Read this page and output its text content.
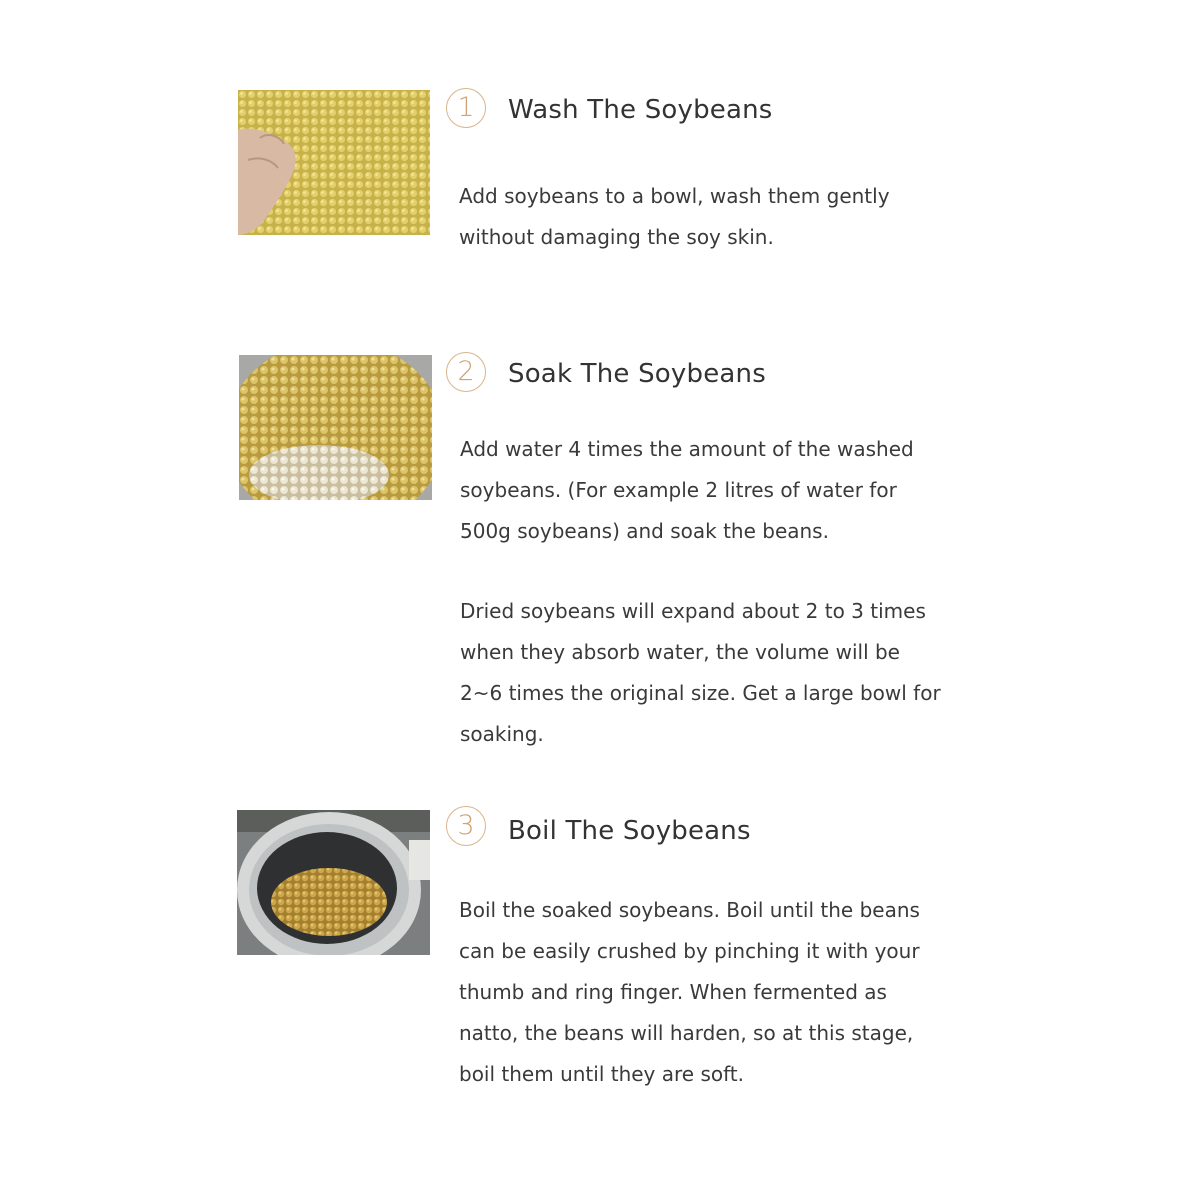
1	Wash The Soybeans

Add soybeans to a bowl, wash them gently
without damaging the soy skin.

2	Soak The Soybeans

Add water 4 times the amount of the washed
soybeans. (For example 2 litres of water for
500g soybeans) and soak the beans.

Dried soybeans will expand about 2 to 3 times
when they absorb water, the volume will be
2~6 times the original size. Get a large bowl for
soaking.

3	Boil The Soybeans

Boil the soaked soybeans. Boil until the beans
can be easily crushed by pinching it with your
thumb and ring finger. When fermented as
natto, the beans will harden, so at this stage,
boil them until they are soft.
